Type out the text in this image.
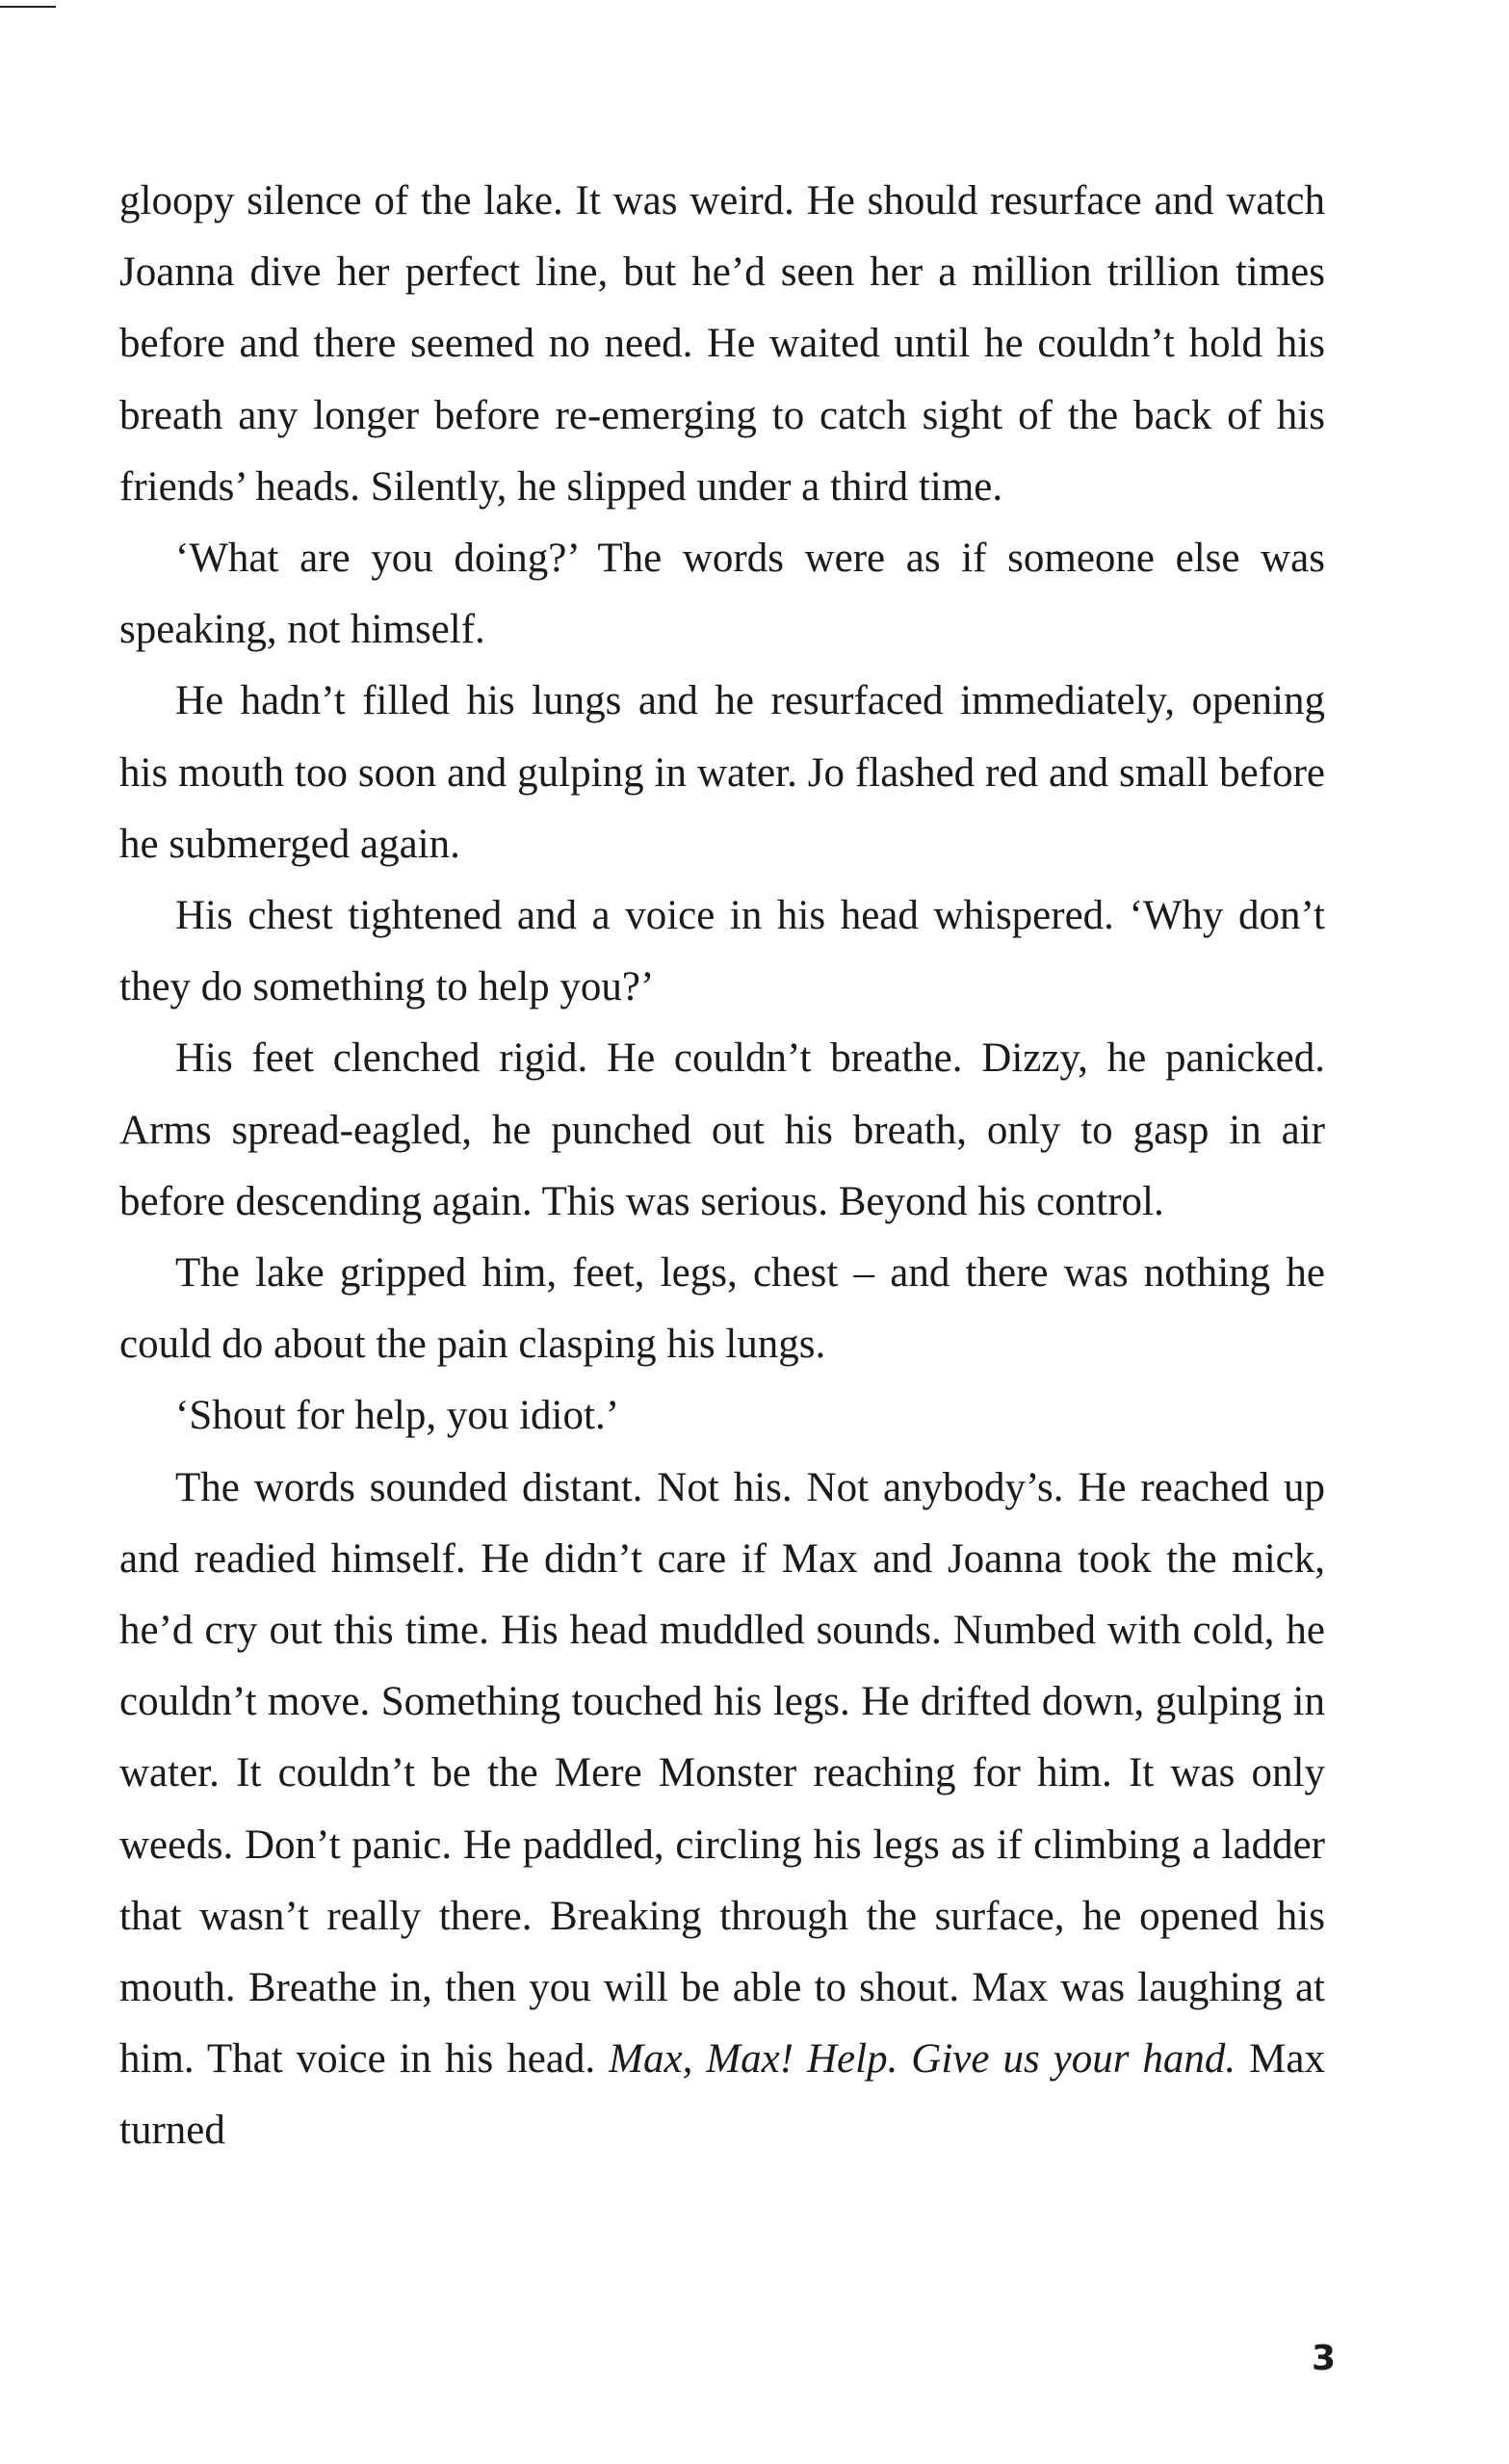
gloopy silence of the lake. It was weird. He should resurface and watch Joanna dive her perfect line, but he’d seen her a million trillion times before and there seemed no need. He waited until he couldn’t hold his breath any longer before re-emerging to catch sight of the back of his friends’ heads. Silently, he slipped under a third time.

‘What are you doing?’ The words were as if someone else was speaking, not himself.

He hadn’t filled his lungs and he resurfaced immediately, opening his mouth too soon and gulping in water. Jo flashed red and small before he submerged again.

His chest tightened and a voice in his head whispered. ‘Why don’t they do something to help you?’

His feet clenched rigid. He couldn’t breathe. Dizzy, he panicked. Arms spread-eagled, he punched out his breath, only to gasp in air before descending again. This was serious. Beyond his control.

The lake gripped him, feet, legs, chest – and there was nothing he could do about the pain clasping his lungs.

‘Shout for help, you idiot.’

The words sounded distant. Not his. Not anybody’s. He reached up and readied himself. He didn’t care if Max and Joanna took the mick, he’d cry out this time. His head muddled sounds. Numbed with cold, he couldn’t move. Something touched his legs. He drifted down, gulping in water. It couldn’t be the Mere Monster reaching for him. It was only weeds. Don’t panic. He paddled, circling his legs as if climbing a ladder that wasn’t really there. Breaking through the surface, he opened his mouth. Breathe in, then you will be able to shout. Max was laughing at him. That voice in his head. Max, Max! Help. Give us your hand. Max turned

3
